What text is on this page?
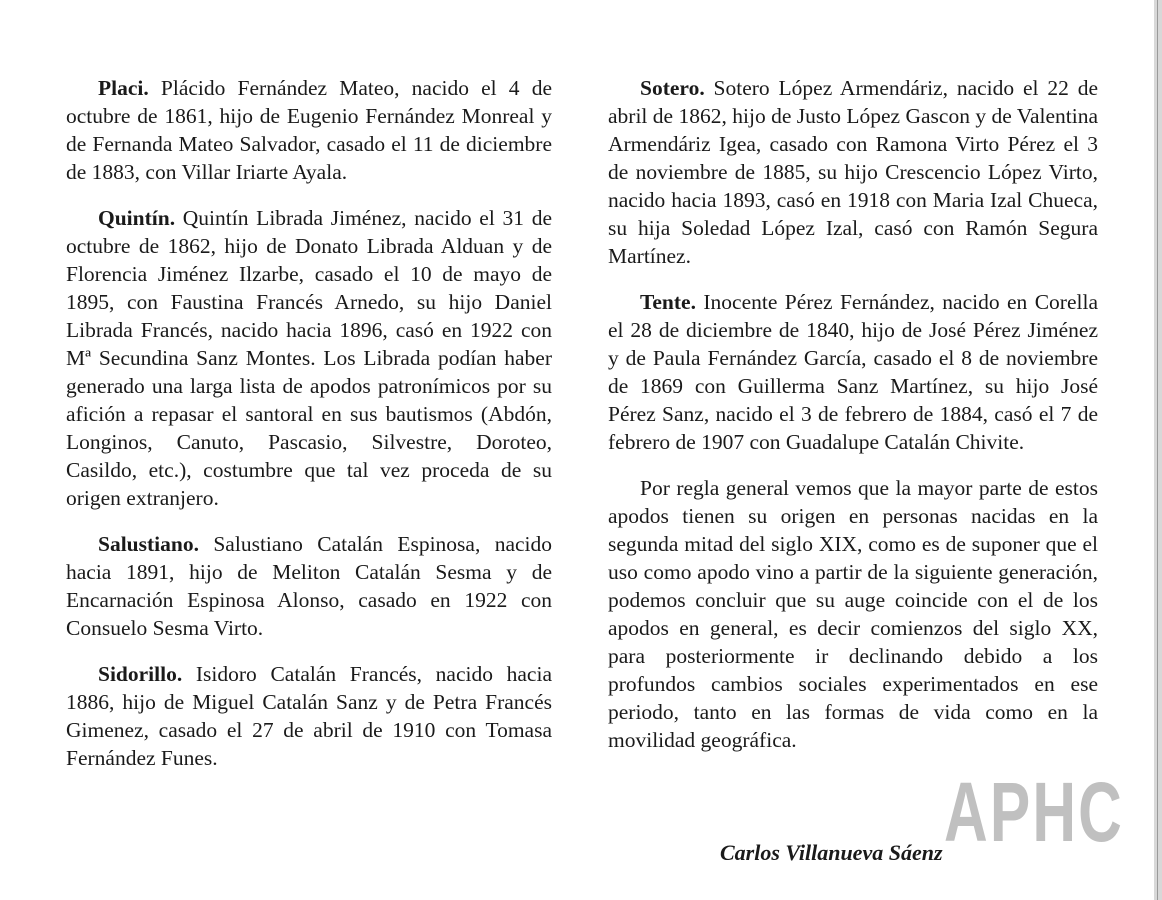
Placi. Plácido Fernández Mateo, nacido el 4 de octubre de 1861, hijo de Eugenio Fernández Monreal y de Fernanda Mateo Salvador, casado el 11 de diciembre de 1883, con Villar Iriarte Ayala.

Quintín. Quintín Librada Jiménez, nacido el 31 de octubre de 1862, hijo de Donato Librada Alduan y de Florencia Jiménez Ilzarbe, casado el 10 de mayo de 1895, con Faustina Francés Arnedo, su hijo Daniel Librada Francés, nacido hacia 1896, casó en 1922 con Mª Secundina Sanz Montes. Los Librada podían haber generado una larga lista de apodos patronímicos por su afición a repasar el santoral en sus bautismos (Abdón, Longinos, Canuto, Pascasio, Silvestre, Doroteo, Casildo, etc.), costumbre que tal vez proceda de su origen extranjero.

Salustiano. Salustiano Catalán Espinosa, nacido hacia 1891, hijo de Meliton Catalán Sesma y de Encarnación Espinosa Alonso, casado en 1922 con Consuelo Sesma Virto.

Sidorillo. Isidoro Catalán Francés, nacido hacia 1886, hijo de Miguel Catalán Sanz y de Petra Francés Gimenez, casado el 27 de abril de 1910 con Tomasa Fernández Funes.

Sotero. Sotero López Armendáriz, nacido el 22 de abril de 1862, hijo de Justo López Gascon y de Valentina Armendáriz Igea, casado con Ramona Virto Pérez el 3 de noviembre de 1885, su hijo Crescencio López Virto, nacido hacia 1893, casó en 1918 con Maria Izal Chueca, su hija Soledad López Izal, casó con Ramón Segura Martínez.

Tente. Inocente Pérez Fernández, nacido en Corella el 28 de diciembre de 1840, hijo de José Pérez Jiménez y de Paula Fernández García, casado el 8 de noviembre de 1869 con Guillerma Sanz Martínez, su hijo José Pérez Sanz, nacido el 3 de febrero de 1884, casó el 7 de febrero de 1907 con Guadalupe Catalán Chivite.

Por regla general vemos que la mayor parte de estos apodos tienen su origen en personas nacidas en la segunda mitad del siglo XIX, como es de suponer que el uso como apodo vino a partir de la siguiente generación, podemos concluir que su auge coincide con el de los apodos en general, es decir comienzos del siglo XX, para posteriormente ir declinando debido a los profundos cambios sociales experimentados en ese periodo, tanto en las formas de vida como en la movilidad geográfica.

Carlos Villanueva Sáenz APHC
